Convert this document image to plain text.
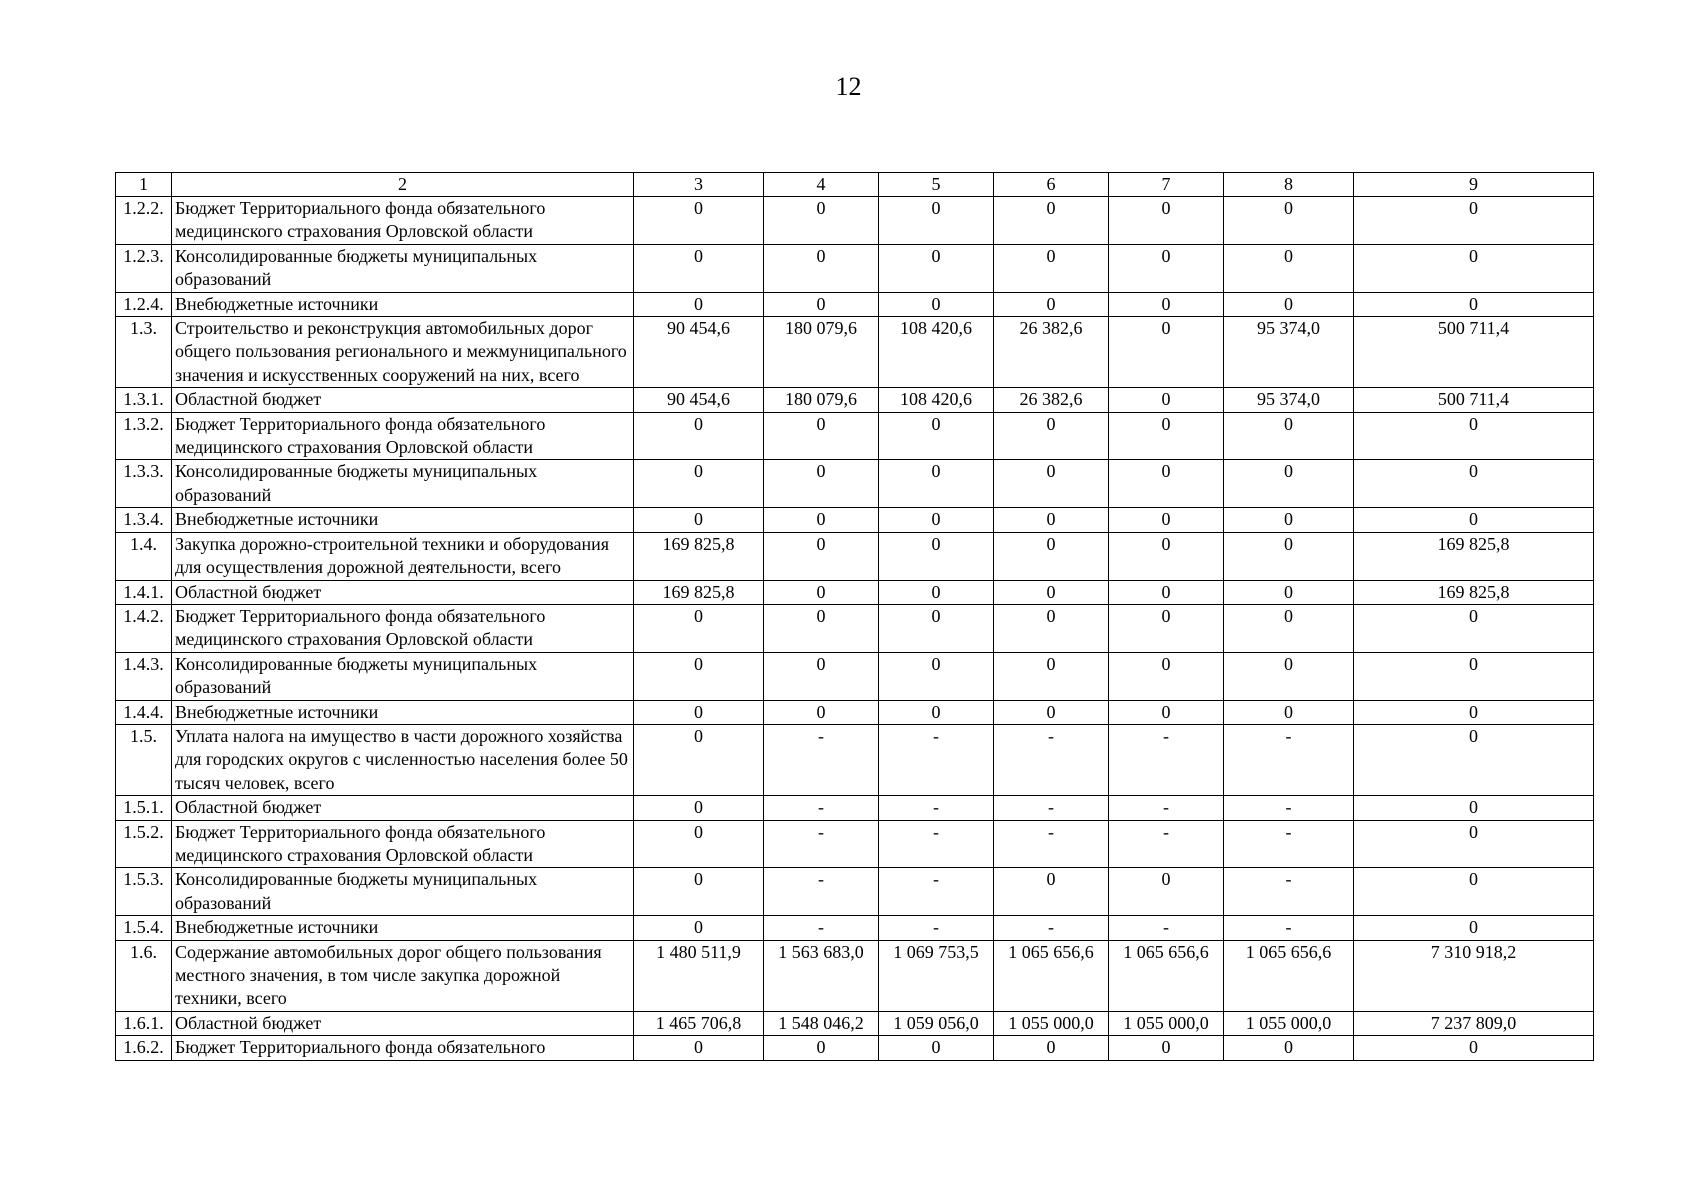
12
1	2	3	4	5	6	7	8	9
1.2.2.	Бюджет Территориального фонда обязательного медицинского страхования Орловской области	0	0	0	0	0	0	0
1.2.3.	Консолидированные бюджеты муниципальных образований	0	0	0	0	0	0	0
1.2.4.	Внебюджетные источники	0	0	0	0	0	0	0
1.3.	Строительство и реконструкция автомобильных дорог общего пользования регионального и межмуниципального значения и искусственных сооружений на них, всего	90 454,6	180 079,6	108 420,6	26 382,6	0	95 374,0	500 711,4
1.3.1.	Областной бюджет	90 454,6	180 079,6	108 420,6	26 382,6	0	95 374,0	500 711,4
1.3.2.	Бюджет Территориального фонда обязательного медицинского страхования Орловской области	0	0	0	0	0	0	0
1.3.3.	Консолидированные бюджеты муниципальных образований	0	0	0	0	0	0	0
1.3.4.	Внебюджетные источники	0	0	0	0	0	0	0
1.4.	Закупка дорожно-строительной техники и оборудования для осуществления дорожной деятельности, всего	169 825,8	0	0	0	0	0	169 825,8
1.4.1.	Областной бюджет	169 825,8	0	0	0	0	0	169 825,8
1.4.2.	Бюджет Территориального фонда обязательного медицинского страхования Орловской области	0	0	0	0	0	0	0
1.4.3.	Консолидированные бюджеты муниципальных образований	0	0	0	0	0	0	0
1.4.4.	Внебюджетные источники	0	0	0	0	0	0	0
1.5.	Уплата налога на имущество в части дорожного хозяйства для городских округов с численностью населения более 50 тысяч человек, всего	0	-	-	-	-	-	0
1.5.1.	Областной бюджет	0	-	-	-	-	-	0
1.5.2.	Бюджет Территориального фонда обязательного медицинского страхования Орловской области	0	-	-	-	-	-	0
1.5.3.	Консолидированные бюджеты муниципальных образований	0	-	-	0	0	-	0
1.5.4.	Внебюджетные источники	0	-	-	-	-	-	0
1.6.	Содержание автомобильных дорог общего пользования местного значения, в том числе закупка дорожной техники, всего	1 480 511,9	1 563 683,0	1 069 753,5	1 065 656,6	1 065 656,6	1 065 656,6	7 310 918,2
1.6.1.	Областной бюджет	1 465 706,8	1 548 046,2	1 059 056,0	1 055 000,0	1 055 000,0	1 055 000,0	7 237 809,0
1.6.2.	Бюджет Территориального фонда обязательного	0	0	0	0	0	0	0
